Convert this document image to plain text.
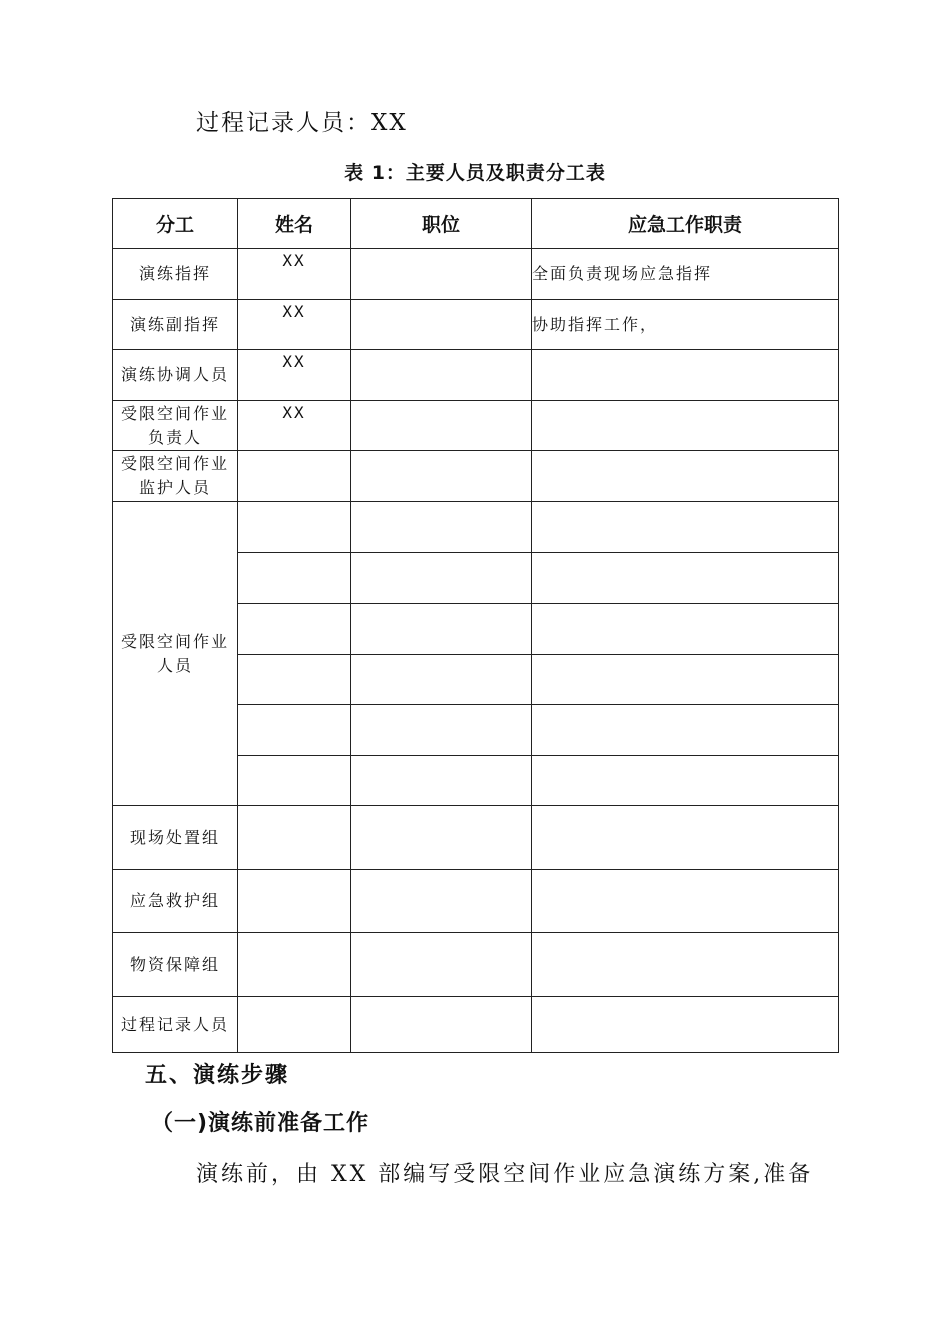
过程记录人员：XX
表 1：主要人员及职责分工表
分工	姓名	职位	应急工作职责
演练指挥	XX		全面负责现场应急指挥
演练副指挥	XX		协助指挥工作，
演练协调人员	XX		
受限空间作业负责人	XX		
受限空间作业监护人员			
受限空间作业人员			

现场处置组			
应急救护组			
物资保障组			
过程记录人员			
五、演练步骤
（一)演练前准备工作
演练前，由 XX 部编写受限空间作业应急演练方案,准备
